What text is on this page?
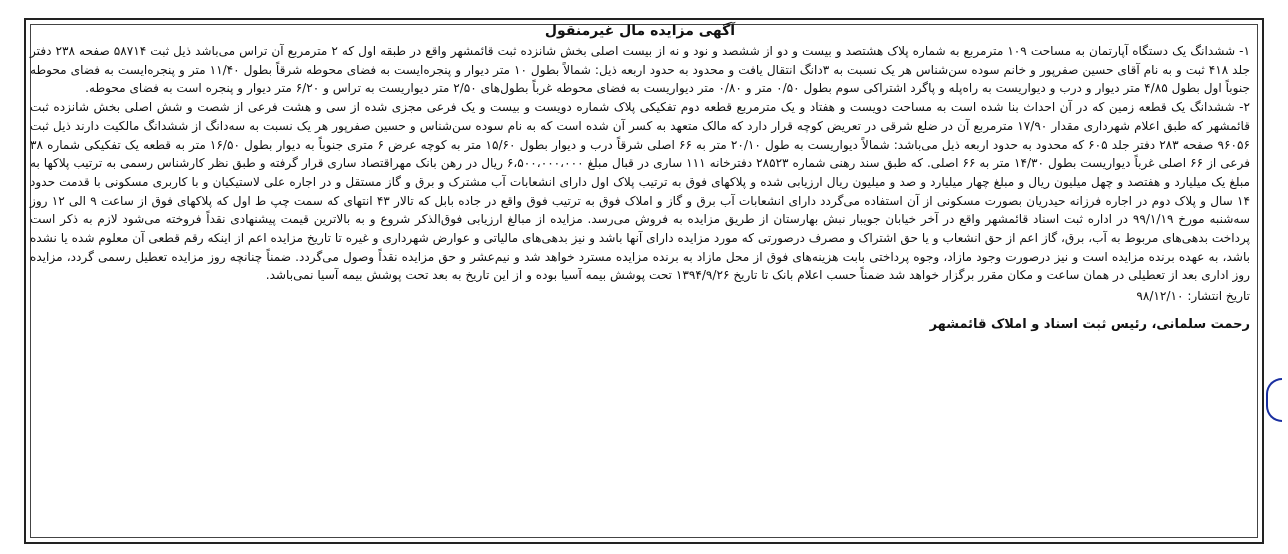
آگهی مزایده مال غیرمنقول

۱- ششدانگ یک دستگاه آپارتمان به مساحت ۱۰۹ مترمربع به شماره پلاک هشتصد و بیست و دو از ششصد و نود و نه از بیست اصلی بخش شانزده ثبت قائمشهر واقع در طبقه اول که ۲ مترمربع آن تراس می‌باشد ذیل ثبت ۵۸۷۱۴ صفحه ۲۳۸ دفتر جلد ۴۱۸ ثبت و به نام آقای حسین صفرپور و خانم سوده سن‌شناس هر یک نسبت به ۳دانگ انتقال یافت و محدود به حدود اربعه ذیل: شمالاً بطول ۱۰ متر دیوار و پنجره‌ایست به فضای محوطه شرقاً بطول ۱۱/۴۰ متر و پنجره‌ایست به فضای محوطه جنوباً اول بطول ۴/۸۵ متر دیوار و درب و دیواریست به راه‌پله و پاگرد اشتراکی سوم بطول ۰/۵۰ متر و ۰/۸۰ متر دیواریست به فضای محوطه غرباً بطول‌های ۲/۵۰ متر دیواریست به تراس و ۶/۲۰ متر دیوار و پنجره است به فضای محوطه.

۲- ششدانگ یک قطعه زمین که در آن احداث بنا شده است به مساحت دویست و هفتاد و یک مترمربع قطعه دوم تفکیکی پلاک شماره دویست و بیست و یک فرعی مجزی شده از سی و هشت فرعی از شصت و شش اصلی بخش شانزده ثبت قائمشهر که طبق اعلام شهرداری مقدار ۱۷/۹۰ مترمربع آن در ضلع شرقی در تعریض کوچه قرار دارد که مالک متعهد به کسر آن شده است که به نام سوده سن‌شناس و حسین صفرپور هر یک نسبت به سه‌دانگ از ششدانگ مالکیت دارند ذیل ثبت ۹۶۰۵۶ صفحه ۲۸۳ دفتر جلد ۶۰۵ که محدود به حدود اربعه ذیل می‌باشد: شمالاً دیواریست به طول ۲۰/۱۰ متر به ۶۶ اصلی شرقاً درب و دیوار بطول ۱۵/۶۰ متر به کوچه عرض ۶ متری جنوباً به دیوار بطول ۱۶/۵۰ متر به قطعه یک تفکیکی شماره ۳۸ فرعی از ۶۶ اصلی غرباً دیواریست بطول ۱۴/۳۰ متر به ۶۶ اصلی. که طبق سند رهنی شماره ۲۸۵۲۳ دفترخانه ۱۱۱ ساری در قبال مبلغ ۶،۵۰۰،۰۰۰،۰۰۰ ریال در رهن بانک مهراقتصاد ساری قرار گرفته و طبق نظر کارشناس رسمی به ترتیب پلاکها به مبلغ یک میلیارد و هفتصد و چهل میلیون ریال و مبلغ چهار میلیارد و صد و میلیون ریال ارزیابی شده و پلاکهای فوق به ترتیب پلاک اول دارای انشعابات آب مشترک و برق و گاز مستقل و در اجاره علی لاستیکیان و با کاربری مسکونی با قدمت حدود ۱۴ سال و پلاک دوم در اجاره فرزانه حیدریان بصورت مسکونی از آن استفاده می‌گردد دارای انشعابات آب برق و گاز و املاک فوق به ترتیب فوق واقع در جاده بابل که تالار ۴۳ انتهای که سمت چپ ط اول که پلاکهای فوق از ساعت ۹ الی ۱۲ روز سه‌شنبه مورخ ۹۹/۱/۱۹ در اداره ثبت اسناد قائمشهر واقع در آخر خیابان جویبار نبش بهارستان از طریق مزایده به فروش می‌رسد. مزایده از مبالغ ارزیابی فوق‌الذکر شروع و به بالاترین قیمت پیشنهادی نقداً فروخته می‌شود لازم به ذکر است پرداخت بدهی‌های مربوط به آب، برق، گاز اعم از حق انشعاب و یا حق اشتراک و مصرف درصورتی که مورد مزایده دارای آنها باشد و نیز بدهی‌های مالیاتی و عوارض شهرداری و غیره تا تاریخ مزایده اعم از اینکه رقم قطعی آن معلوم شده یا نشده باشد، به عهده برنده مزایده است و نیز درصورت وجود مازاد، وجوه پرداختی بابت هزینه‌های فوق از محل مازاد به برنده مزایده مسترد خواهد شد و نیم‌عشر و حق مزایده نقداً وصول می‌گردد. ضمناً چنانچه روز مزایده تعطیل رسمی گردد، مزایده روز اداری بعد از تعطیلی در همان ساعت و مکان مقرر برگزار خواهد شد ضمناً حسب اعلام بانک تا تاریخ ۱۳۹۴/۹/۲۶ تحت پوشش بیمه آسیا بوده و از این تاریخ به بعد تحت پوشش بیمه آسیا نمی‌باشد.

تاریخ انتشار: ۹۸/۱۲/۱۰
رحمت سلمانی، رئیس ثبت اسناد و املاک قائمشهر
